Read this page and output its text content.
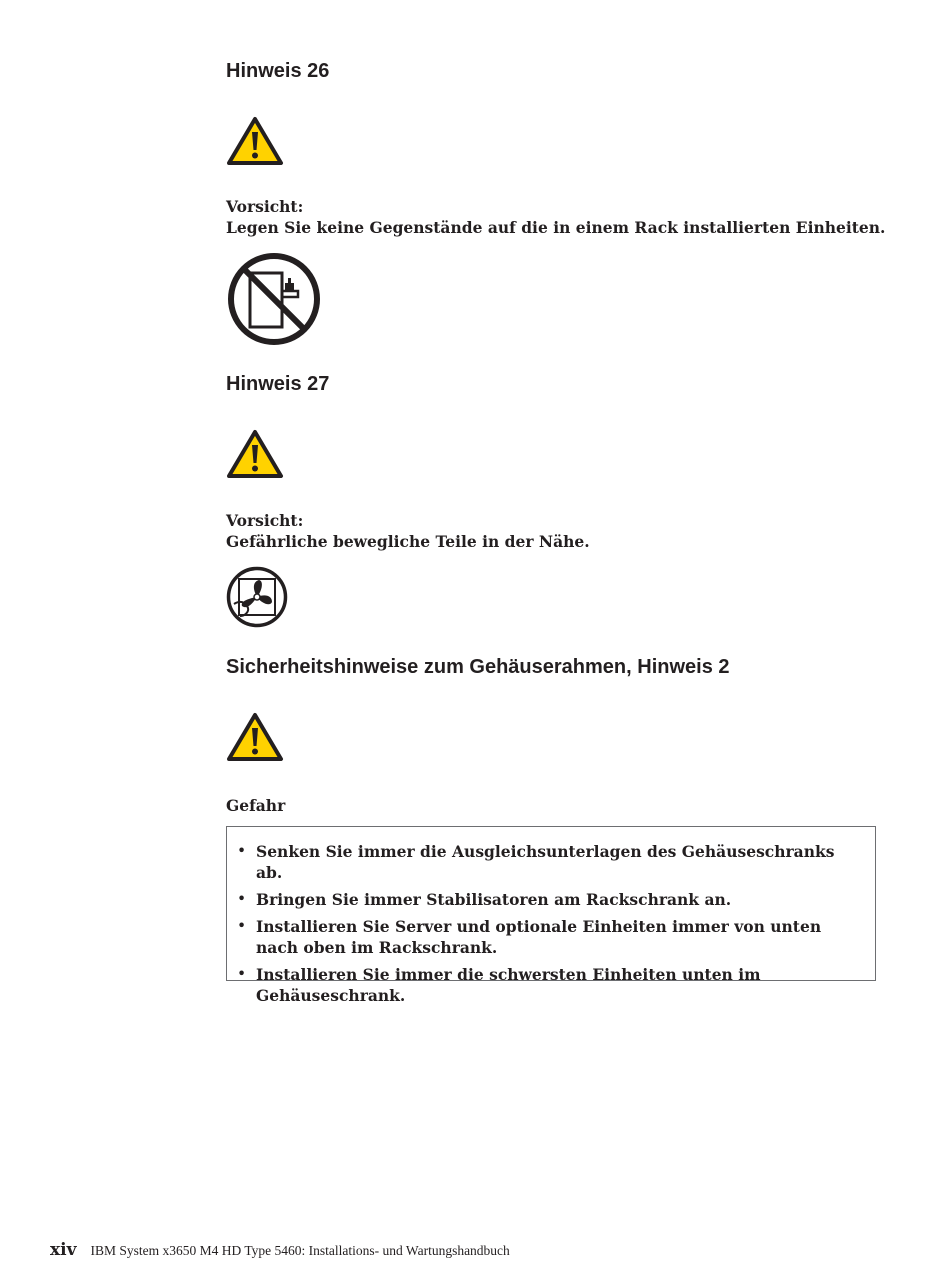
Hinweis 26

Vorsicht:

Legen Sie keine Gegenstände auf die in einem Rack installierten Einheiten.

Hinweis 27

Vorsicht:

Gefährliche bewegliche Teile in der Nähe.

Sicherheitshinweise zum Gehäuserahmen, Hinweis 2

Gefahr

• Senken Sie immer die Ausgleichsunterlagen des Gehäuseschranks ab.
• Bringen Sie immer Stabilisatoren am Rackschrank an.
• Installieren Sie Server und optionale Einheiten immer von unten nach oben im Rackschrank.
• Installieren Sie immer die schwersten Einheiten unten im Gehäuseschrank.
xiv IBM System x3650 M4 HD Type 5460: Installations- und Wartungshandbuch
